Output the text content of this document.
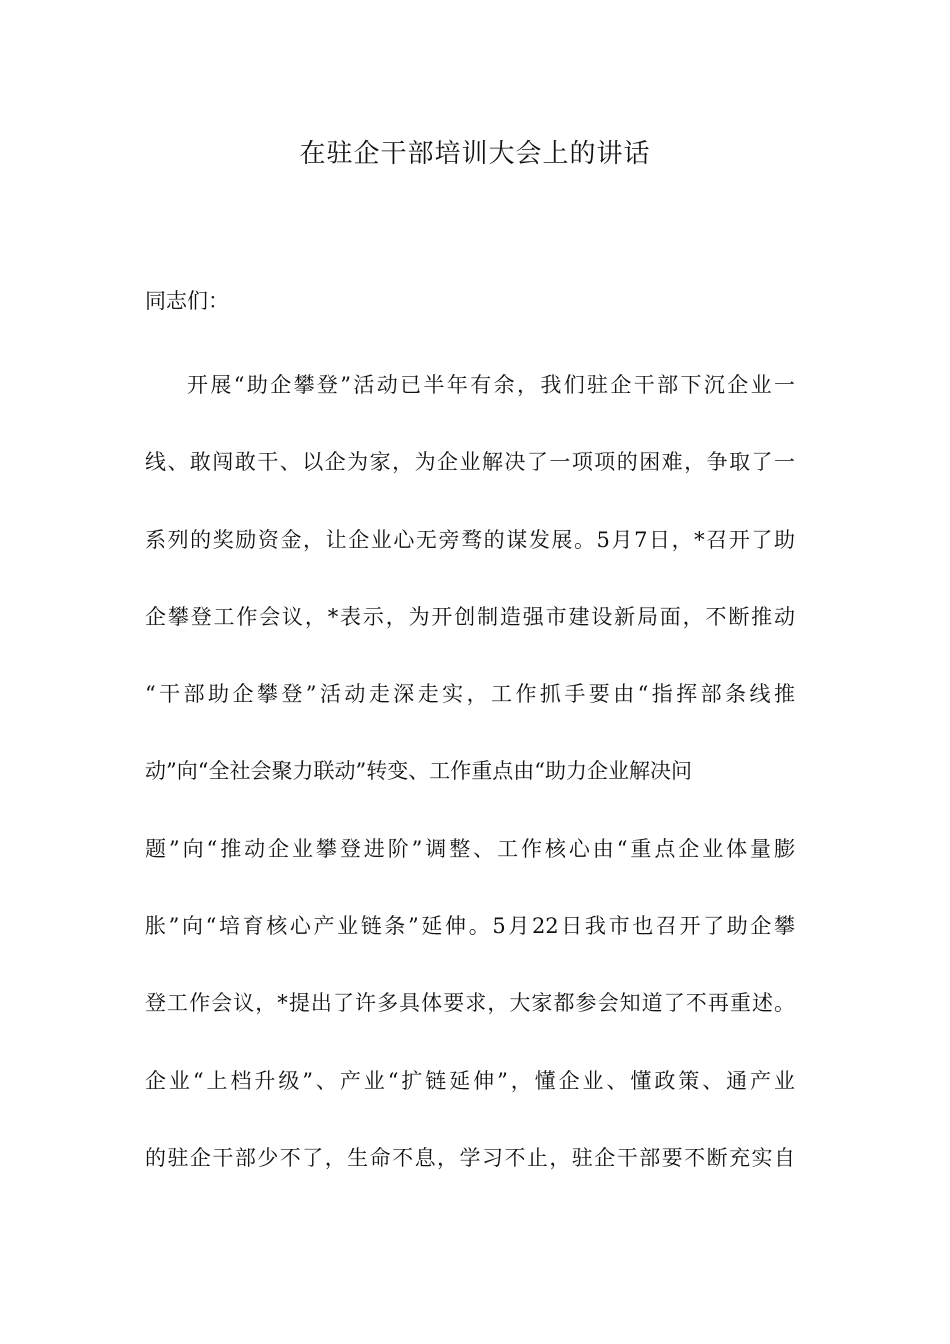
在驻企干部培训大会上的讲话
同志们：
开展“助企攀登”活动已半年有余，我们驻企干部下沉企业一
线、敢闯敢干、以企为家，为企业解决了一项项的困难，争取了一
系列的奖励资金，让企业心无旁骛的谋发展。5月7日，*召开了助
企攀登工作会议，*表示，为开创制造强市建设新局面，不断推动
“干部助企攀登”活动走深走实，工作抓手要由“指挥部条线推
动”向“全社会聚力联动”转变、工作重点由“助力企业解决问
题”向“推动企业攀登进阶”调整、工作核心由“重点企业体量膨
胀”向“培育核心产业链条”延伸。5月22日我市也召开了助企攀
登工作会议，*提出了许多具体要求，大家都参会知道了不再重述。
企业“上档升级”、产业“扩链延伸”，懂企业、懂政策、通产业
的驻企干部少不了，生命不息，学习不止，驻企干部要不断充实自
